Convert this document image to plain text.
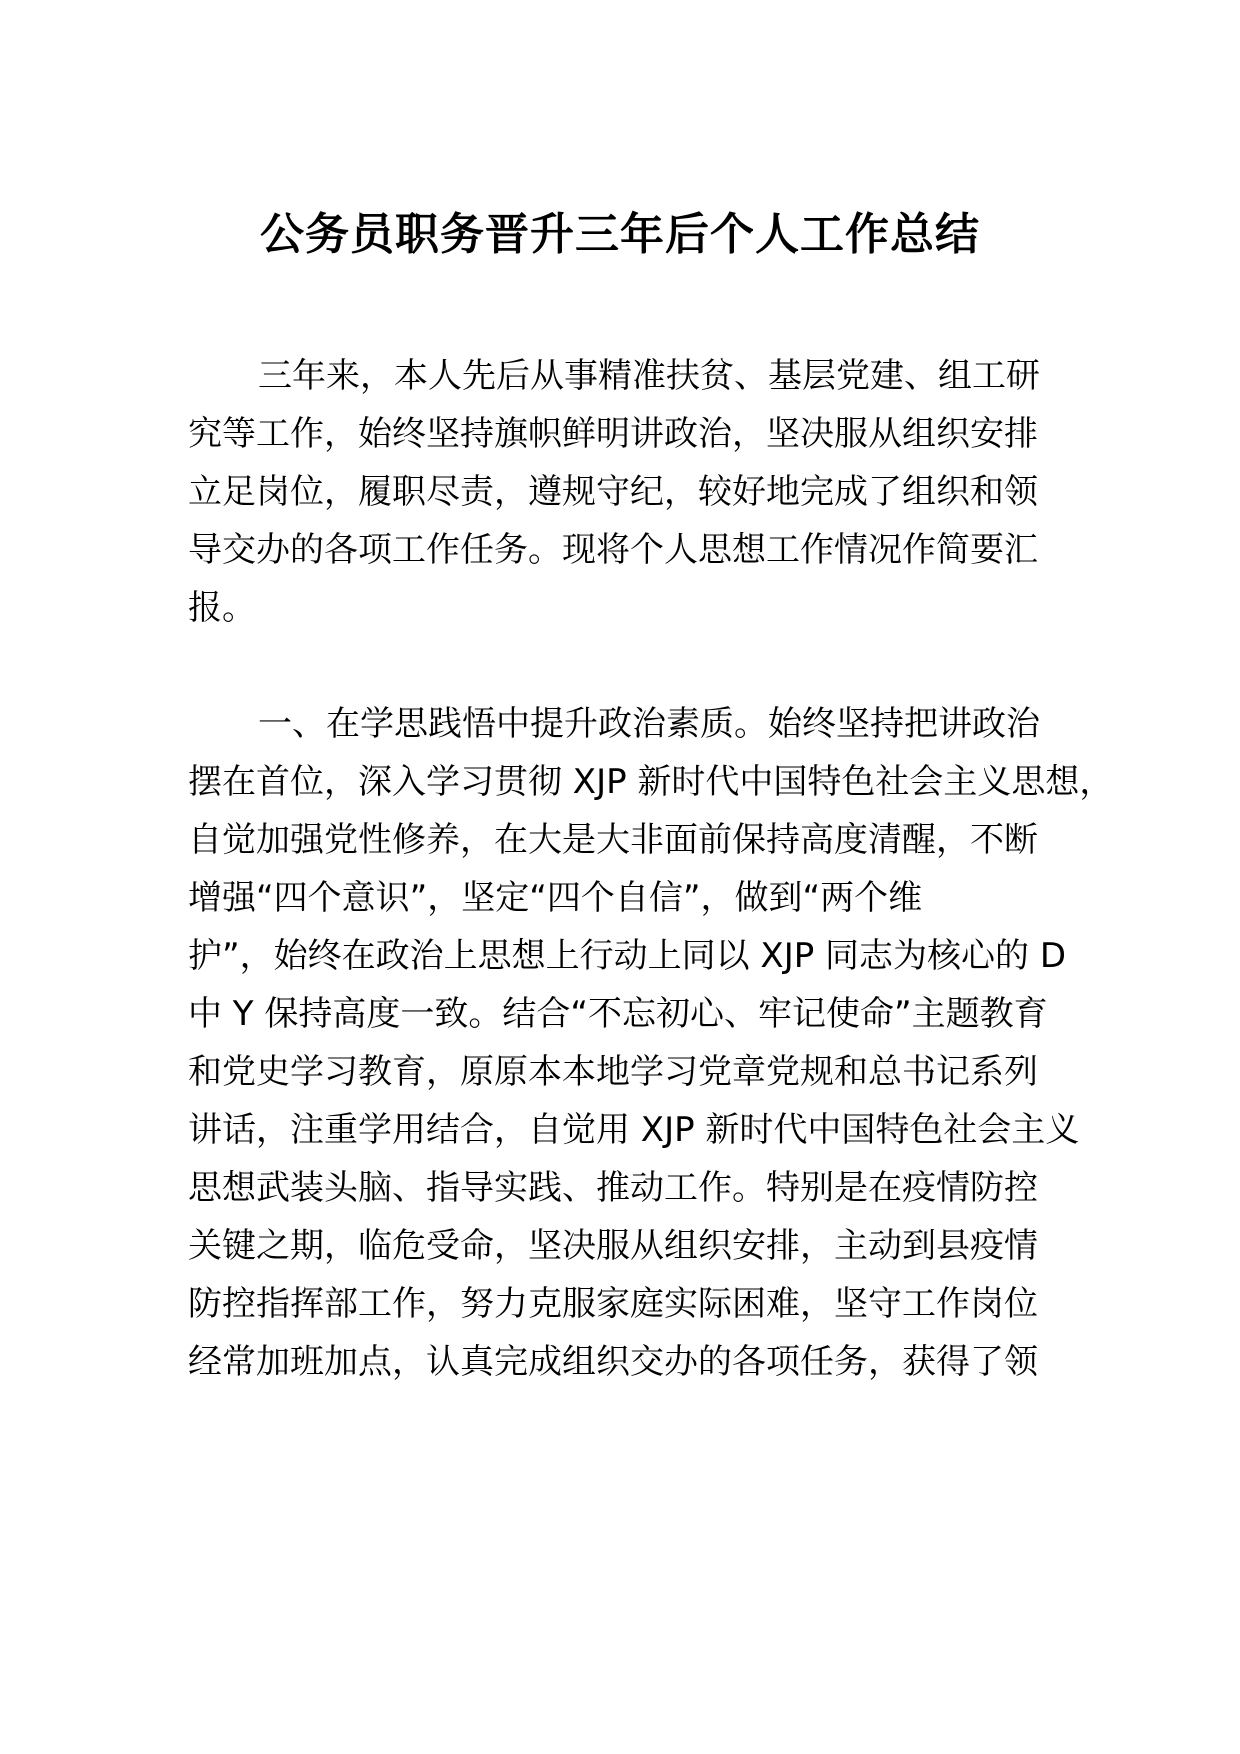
公务员职务晋升三年后个人工作总结
三年来，本人先后从事精准扶贫、基层党建、组工研
究等工作，始终坚持旗帜鲜明讲政治，坚决服从组织安排
立足岗位，履职尽责，遵规守纪，较好地完成了组织和领
导交办的各项工作任务。现将个人思想工作情况作简要汇
报。
一、在学思践悟中提升政治素质。始终坚持把讲政治
摆在首位，深入学习贯彻 XJP 新时代中国特色社会主义思想，
自觉加强党性修养，在大是大非面前保持高度清醒，不断
增强“四个意识”，坚定“四个自信”，做到“两个维
护”，始终在政治上思想上行动上同以 XJP 同志为核心的 D
中 Y 保持高度一致。结合“不忘初心、牢记使命”主题教育
和党史学习教育，原原本本地学习党章党规和总书记系列
讲话，注重学用结合，自觉用 XJP 新时代中国特色社会主义
思想武装头脑、指导实践、推动工作。特别是在疫情防控
关键之期，临危受命，坚决服从组织安排，主动到县疫情
防控指挥部工作，努力克服家庭实际困难，坚守工作岗位
经常加班加点，认真完成组织交办的各项任务，获得了领
